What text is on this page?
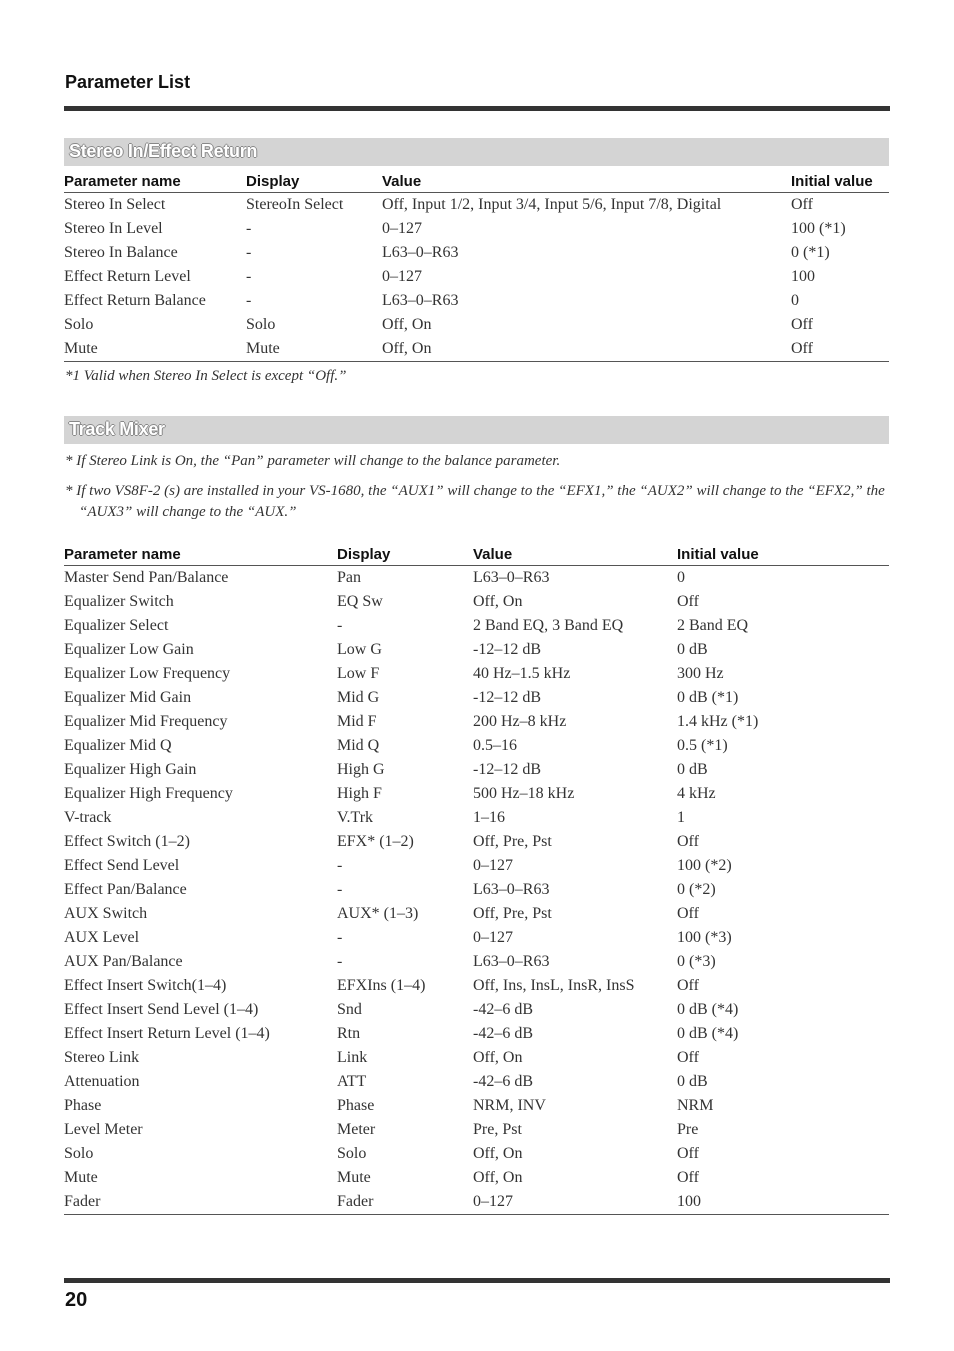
Parameter List
Stereo In/Effect Return
Parameter name	Display	Value	Initial value
Stereo In Select	StereoIn Select	Off, Input 1/2, Input 3/4, Input 5/6, Input 7/8, Digital	Off
Stereo In Level	-	0–127	100 (*1)
Stereo In Balance	-	L63–0–R63	0 (*1)
Effect Return Level	-	0–127	100
Effect Return Balance	-	L63–0–R63	0
Solo	Solo	Off, On	Off
Mute	Mute	Off, On	Off
*1 Valid when Stereo In Select is except “Off.”
Track Mixer
* If Stereo Link is On, the “Pan” parameter will change to the balance parameter.
* If two VS8F-2 (s) are installed in your VS-1680, the “AUX1” will change to the “EFX1,” the “AUX2” will change to the “EFX2,” the “AUX3” will change to the “AUX.”
Parameter name	Display	Value	Initial value
Master Send Pan/Balance	Pan	L63–0–R63	0
Equalizer Switch	EQ Sw	Off, On	Off
Equalizer Select	-	2 Band EQ, 3 Band EQ	2 Band EQ
Equalizer Low Gain	Low G	-12–12 dB	0 dB
Equalizer Low Frequency	Low F	40 Hz–1.5 kHz	300 Hz
Equalizer Mid Gain	Mid G	-12–12 dB	0 dB (*1)
Equalizer Mid Frequency	Mid F	200 Hz–8 kHz	1.4 kHz (*1)
Equalizer Mid Q	Mid Q	0.5–16	0.5 (*1)
Equalizer High Gain	High G	-12–12 dB	0 dB
Equalizer High Frequency	High F	500 Hz–18 kHz	4 kHz
V-track	V.Trk	1–16	1
Effect Switch (1–2)	EFX* (1–2)	Off, Pre, Pst	Off
Effect Send Level	-	0–127	100 (*2)
Effect Pan/Balance	-	L63–0–R63	0 (*2)
AUX Switch	AUX* (1–3)	Off, Pre, Pst	Off
AUX Level	-	0–127	100 (*3)
AUX Pan/Balance	-	L63–0–R63	0 (*3)
Effect Insert Switch(1–4)	EFXIns (1–4)	Off, Ins, InsL, InsR, InsS	Off
Effect Insert Send Level (1–4)	Snd	-42–6 dB	0 dB (*4)
Effect Insert Return Level (1–4)	Rtn	-42–6 dB	0 dB (*4)
Stereo Link	Link	Off, On	Off
Attenuation	ATT	-42–6 dB	0 dB
Phase	Phase	NRM, INV	NRM
Level Meter	Meter	Pre, Pst	Pre
Solo	Solo	Off, On	Off
Mute	Mute	Off, On	Off
Fader	Fader	0–127	100
20
